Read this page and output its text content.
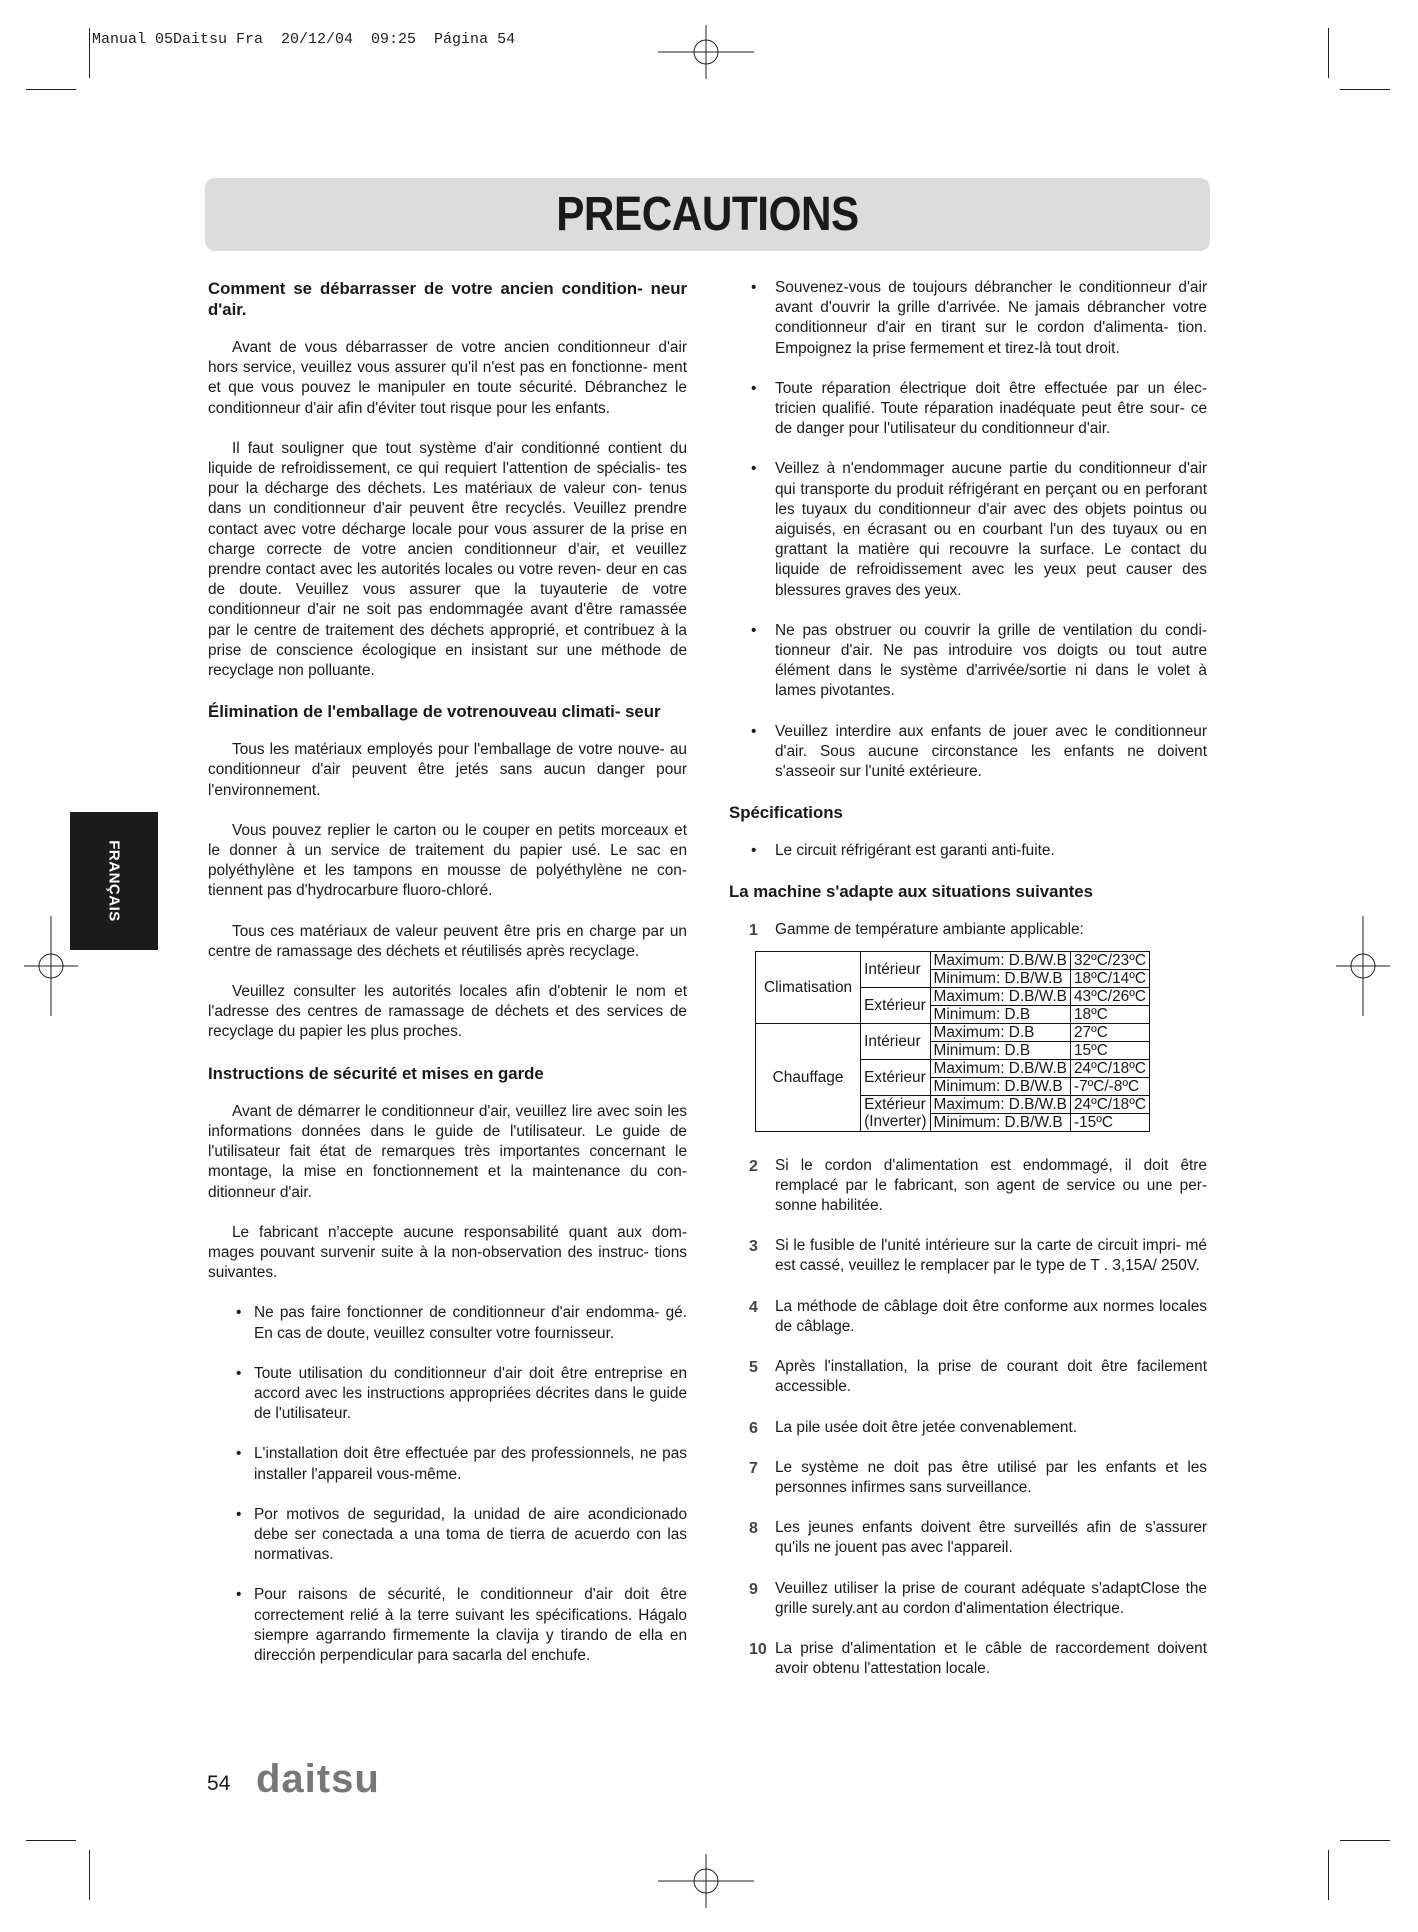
Manual 05Daitsu Fra  20/12/04  09:25  Página 54
PRECAUTIONS
FRANÇAIS
Comment se débarrasser de votre ancien condition- neur d'air.

Avant de vous débarrasser de votre ancien conditionneur d'air hors service, veuillez vous assurer qu'il n'est pas en fonctionne- ment et que vous pouvez le manipuler en toute sécurité. Débranchez le conditionneur d'air afin d'éviter tout risque pour les enfants.

Il faut souligner que tout système d'air conditionné contient du liquide de refroidissement, ce qui requiert l'attention de spécialis- tes pour la décharge des déchets. Les matériaux de valeur con- tenus dans un conditionneur d'air peuvent être recyclés. Veuillez prendre contact avec votre décharge locale pour vous assurer de la prise en charge correcte de votre ancien conditionneur d'air, et veuillez prendre contact avec les autorités locales ou votre reven- deur en cas de doute. Veuillez vous assurer que la tuyauterie de votre conditionneur d'air ne soit pas endommagée avant d'être ramassée par le centre de traitement des déchets approprié, et contribuez à la prise de conscience écologique en insistant sur une méthode de recyclage non polluante.

Élimination de l'emballage de votrenouveau climati- seur

Tous les matériaux employés pour l'emballage de votre nouve- au conditionneur d'air peuvent être jetés sans aucun danger pour l'environnement.

Vous pouvez replier le carton ou le couper en petits morceaux et le donner à un service de traitement du papier usé. Le sac en polyéthylène et les tampons en mousse de polyéthylène ne con- tiennent pas d'hydrocarbure fluoro-chloré.

Tous ces matériaux de valeur peuvent être pris en charge par un centre de ramassage des déchets et réutilisés après recyclage.

Veuillez consulter les autorités locales afin d'obtenir le nom et l'adresse des centres de ramassage de déchets et des services de recyclage du papier les plus proches.

Instructions de sécurité et mises en garde

Avant de démarrer le conditionneur d'air, veuillez lire avec soin les informations données dans le guide de l'utilisateur. Le guide de l'utilisateur fait état de remarques très importantes concernant le montage, la mise en fonctionnement et la maintenance du con- ditionneur d'air.

Le fabricant n'accepte aucune responsabilité quant aux dom- mages pouvant survenir suite à la non-observation des instruc- tions suivantes.

• Ne pas faire fonctionner de conditionneur d'air endomma- gé. En cas de doute, veuillez consulter votre fournisseur.
• Toute utilisation du conditionneur d'air doit être entreprise en accord avec les instructions appropriées décrites dans le guide de l'utilisateur.
• L'installation doit être effectuée par des professionnels, ne pas installer l'appareil vous-même.
• Por motivos de seguridad, la unidad de aire acondicionado debe ser conectada a una toma de tierra de acuerdo con las normativas.
• Pour raisons de sécurité, le conditionneur d'air doit être correctement relié à la terre suivant les spécifications. Hágalo siempre agarrando firmemente la clavija y tirando de ella en dirección perpendicular para sacarla del enchufe.
• Souvenez-vous de toujours débrancher le conditionneur d'air avant d'ouvrir la grille d'arrivée. Ne jamais débrancher votre conditionneur d'air en tirant sur le cordon d'alimenta- tion. Empoignez la prise fermement et tirez-là tout droit.
• Toute réparation électrique doit être effectuée par un élec- tricien qualifié. Toute réparation inadéquate peut être sour- ce de danger pour l'utilisateur du conditionneur d'air.
• Veillez à n'endommager aucune partie du conditionneur d'air qui transporte du produit réfrigérant en perçant ou en perforant les tuyaux du conditionneur d'air avec des objets pointus ou aiguisés, en écrasant ou en courbant l'un des tuyaux ou en grattant la matière qui recouvre la surface. Le contact du liquide de refroidissement avec les yeux peut causer des blessures graves des yeux.
• Ne pas obstruer ou couvrir la grille de ventilation du condi- tionneur d'air. Ne pas introduire vos doigts ou tout autre élément dans le système d'arrivée/sortie ni dans le volet à lames pivotantes.
• Veuillez interdire aux enfants de jouer avec le conditionneur d'air. Sous aucune circonstance les enfants ne doivent s'asseoir sur l'unité extérieure.
Spécifications
• Le circuit réfrigérant est garanti anti-fuite.
La machine s'adapte aux situations suivantes
1 Gamme de température ambiante applicable:
Climatisation	Intérieur	Maximum: D.B/W.B	32ºC/23ºC
		Minimum: D.B/W.B	18ºC/14ºC
	Extérieur	Maximum: D.B/W.B	43ºC/26ºC
		Minimum: D.B	18ºC
Chauffage	Intérieur	Maximum: D.B	27ºC
		Minimum: D.B	15ºC
	Extérieur	Maximum: D.B/W.B	24ºC/18ºC
		Minimum: D.B/W.B	-7ºC/-8ºC
	Extérieur
(Inverter)	Maximum: D.B/W.B	24ºC/18ºC
		Minimum: D.B/W.B	-15ºC
2 Si le cordon d'alimentation est endommagé, il doit être remplacé par le fabricant, son agent de service ou une per- sonne habilitée.
3 Si le fusible de l'unité intérieure sur la carte de circuit impri- mé est cassé, veuillez le remplacer par le type de T . 3,15A/ 250V.
4 La méthode de câblage doit être conforme aux normes locales de câblage.
5 Après l'installation, la prise de courant doit être facilement accessible.
6 La pile usée doit être jetée convenablement.
7 Le système ne doit pas être utilisé par les enfants et les personnes infirmes sans surveillance.
8 Les jeunes enfants doivent être surveillés afin de s'assurer qu'ils ne jouent pas avec l'appareil.
9 Veuillez utiliser la prise de courant adéquate s'adaptClose the grille surely.ant au cordon d'alimentation électrique.
10 La prise d'alimentation et le câble de raccordement doivent avoir obtenu l'attestation locale.
54 daitsu
